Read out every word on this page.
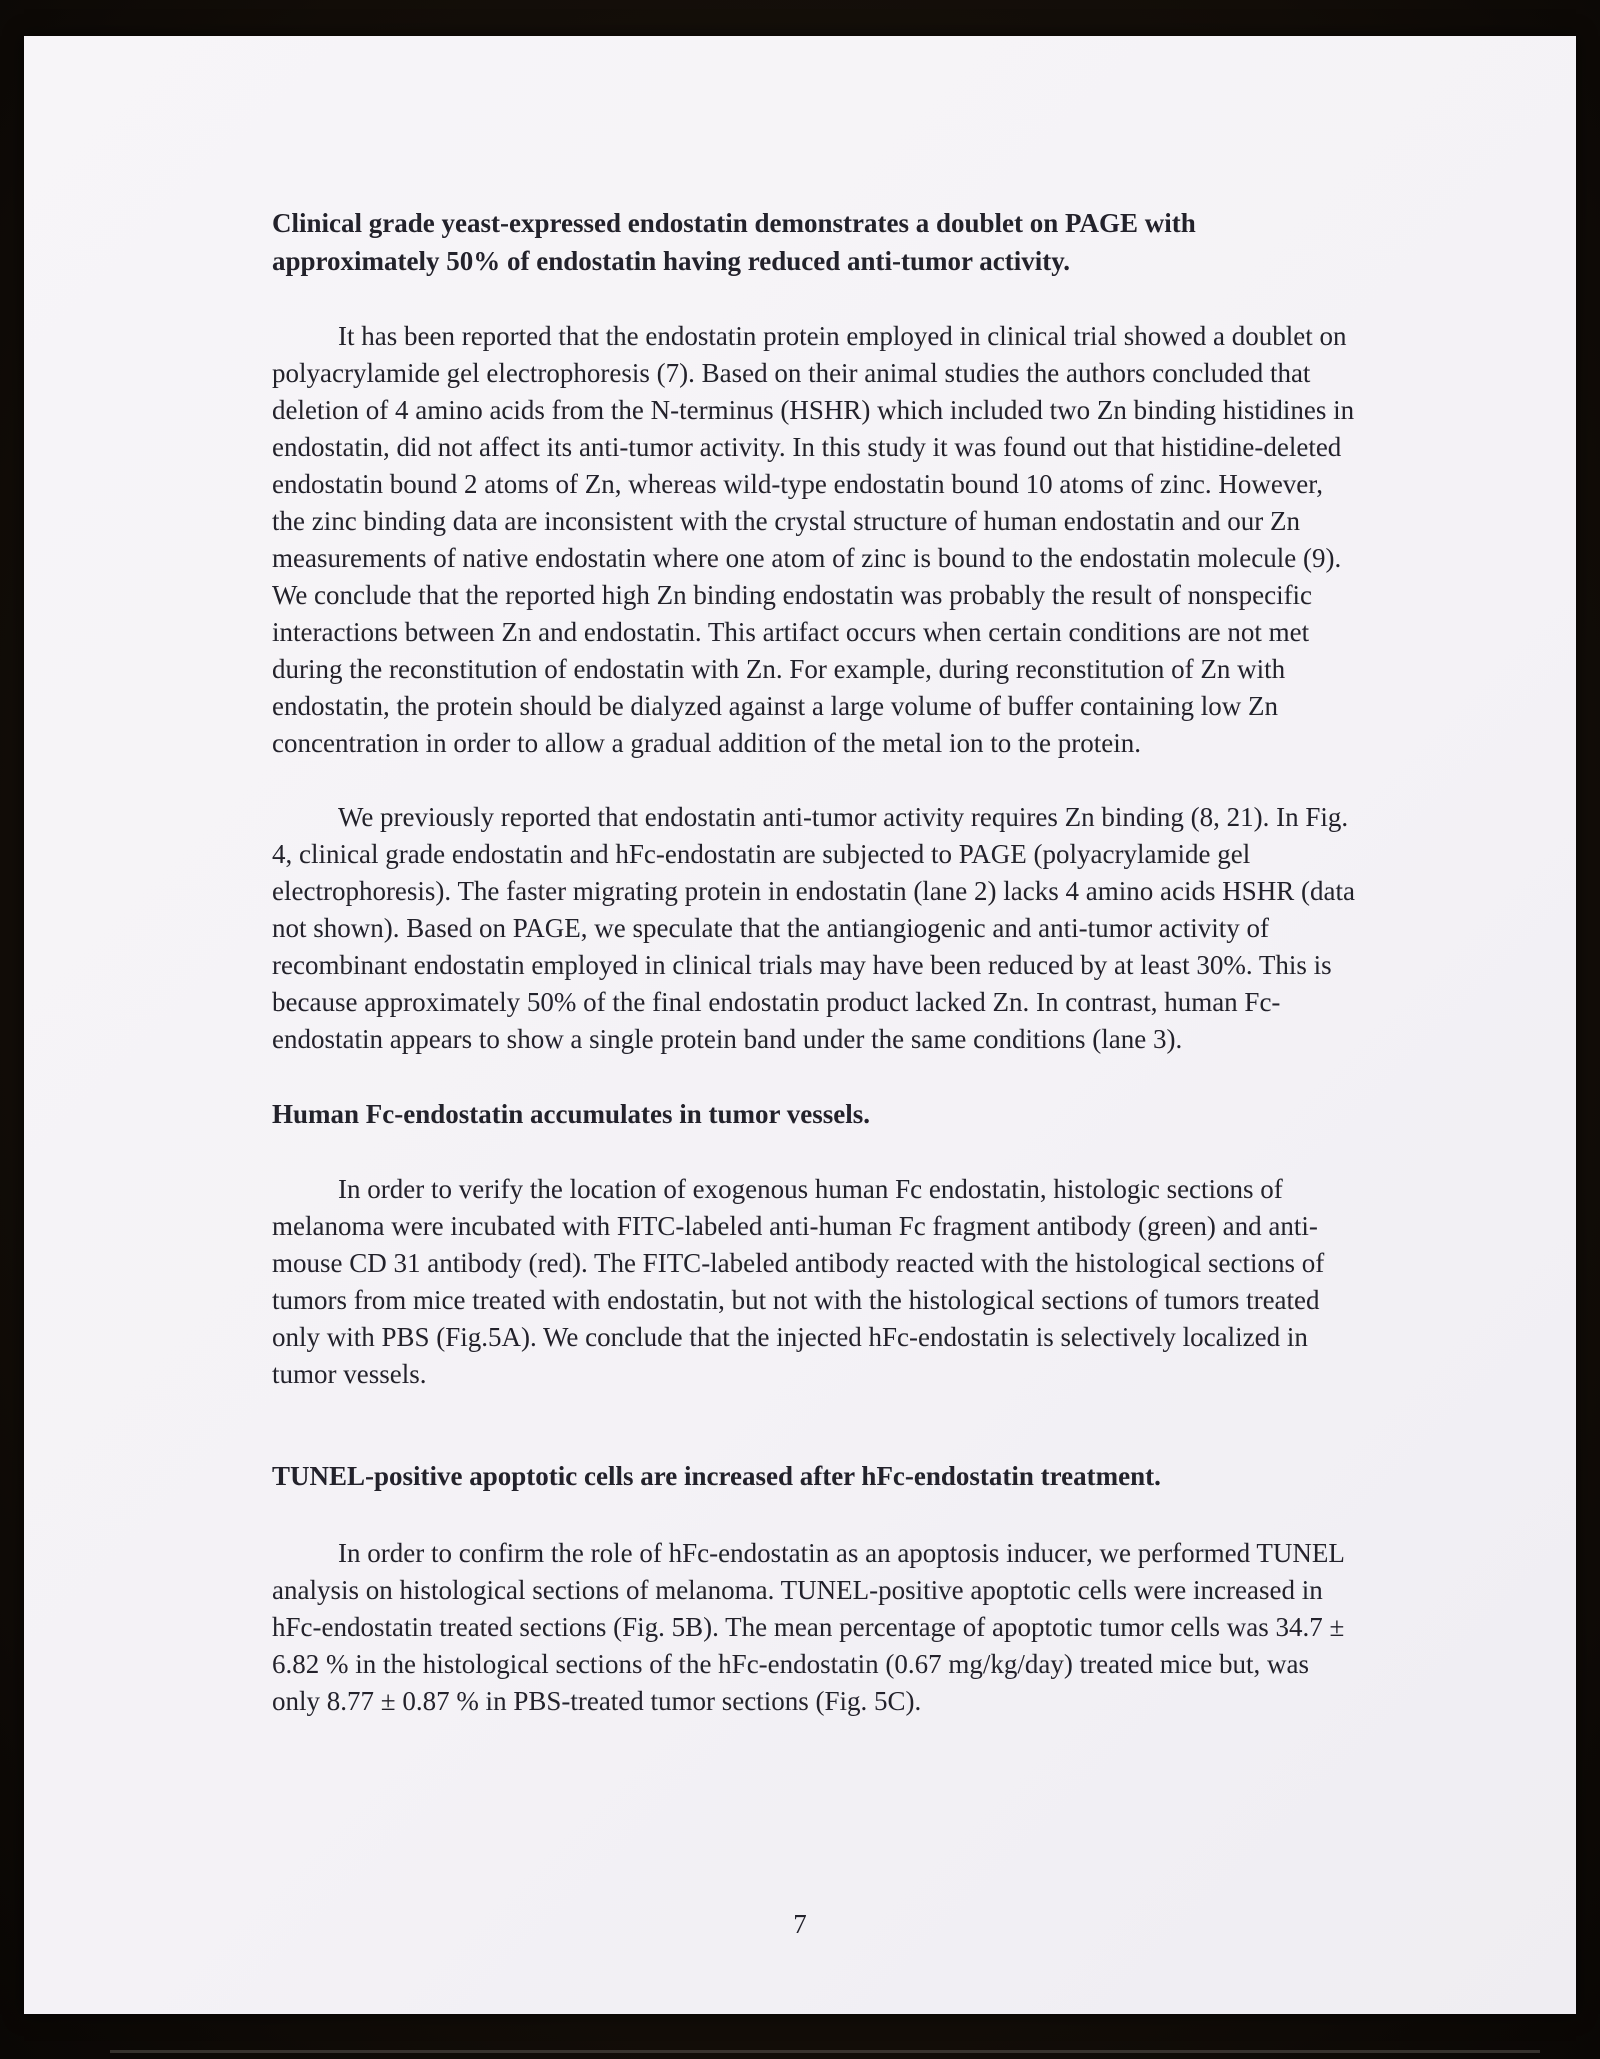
Clinical grade yeast-expressed endostatin demonstrates a doublet on PAGE with approximately 50% of endostatin having reduced anti-tumor activity.

It has been reported that the endostatin protein employed in clinical trial showed a doublet on polyacrylamide gel electrophoresis (7). Based on their animal studies the authors concluded that deletion of 4 amino acids from the N-terminus (HSHR) which included two Zn binding histidines in endostatin, did not affect its anti-tumor activity. In this study it was found out that histidine-deleted endostatin bound 2 atoms of Zn, whereas wild-type endostatin bound 10 atoms of zinc. However, the zinc binding data are inconsistent with the crystal structure of human endostatin and our Zn measurements of native endostatin where one atom of zinc is bound to the endostatin molecule (9). We conclude that the reported high Zn binding endostatin was probably the result of nonspecific interactions between Zn and endostatin. This artifact occurs when certain conditions are not met during the reconstitution of endostatin with Zn. For example, during reconstitution of Zn with endostatin, the protein should be dialyzed against a large volume of buffer containing low Zn concentration in order to allow a gradual addition of the metal ion to the protein.

We previously reported that endostatin anti-tumor activity requires Zn binding (8, 21). In Fig. 4, clinical grade endostatin and hFc-endostatin are subjected to PAGE (polyacrylamide gel electrophoresis). The faster migrating protein in endostatin (lane 2) lacks 4 amino acids HSHR (data not shown). Based on PAGE, we speculate that the antiangiogenic and anti-tumor activity of recombinant endostatin employed in clinical trials may have been reduced by at least 30%. This is because approximately 50% of the final endostatin product lacked Zn. In contrast, human Fc-endostatin appears to show a single protein band under the same conditions (lane 3).

Human Fc-endostatin accumulates in tumor vessels.

In order to verify the location of exogenous human Fc endostatin, histologic sections of melanoma were incubated with FITC-labeled anti-human Fc fragment antibody (green) and anti-mouse CD 31 antibody (red). The FITC-labeled antibody reacted with the histological sections of tumors from mice treated with endostatin, but not with the histological sections of tumors treated only with PBS (Fig.5A). We conclude that the injected hFc-endostatin is selectively localized in tumor vessels.

TUNEL-positive apoptotic cells are increased after hFc-endostatin treatment.

In order to confirm the role of hFc-endostatin as an apoptosis inducer, we performed TUNEL analysis on histological sections of melanoma. TUNEL-positive apoptotic cells were increased in hFc-endostatin treated sections (Fig. 5B). The mean percentage of apoptotic tumor cells was 34.7 ± 6.82 % in the histological sections of the hFc-endostatin (0.67 mg/kg/day) treated mice but, was only 8.77 ± 0.87 % in PBS-treated tumor sections (Fig. 5C).

7
